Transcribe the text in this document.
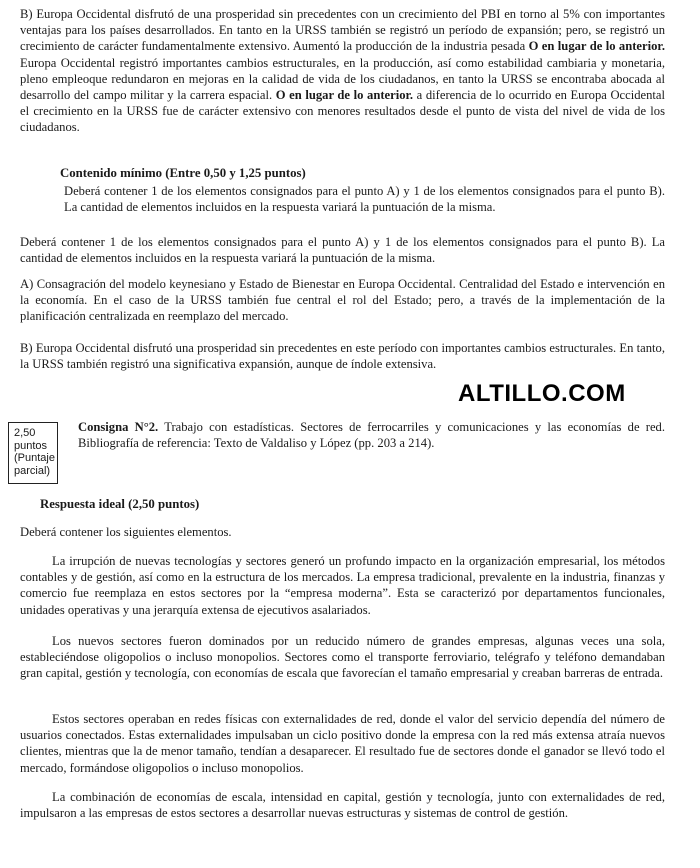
B) Europa Occidental disfrutó de una prosperidad sin precedentes con un crecimiento del PBI en torno al 5% con importantes ventajas para los países desarrollados. En tanto en la URSS también se registró un período de expansión; pero, se registró un crecimiento de carácter fundamentalmente extensivo. Aumentó la producción de la industria pesada O en lugar de lo anterior. Europa Occidental registró importantes cambios estructurales, en la producción, así como estabilidad cambiaria y monetaria, pleno empleoque redundaron en mejoras en la calidad de vida de los ciudadanos, en tanto la URSS se encontraba abocada al desarrollo del campo militar y la carrera espacial. O en lugar de lo anterior. a diferencia de lo ocurrido en Europa Occidental el crecimiento en la URSS fue de carácter extensivo con menores resultados desde el punto de vista del nivel de vida de los ciudadanos.

Contenido mínimo (Entre 0,50 y 1,25 puntos)

Deberá contener 1 de los elementos consignados para el punto A) y 1 de los elementos consignados para el punto B). La cantidad de elementos incluidos en la respuesta variará la puntuación de la misma.

Deberá contener 1 de los elementos consignados para el punto A) y 1 de los elementos consignados para el punto B). La cantidad de elementos incluidos en la respuesta variará la puntuación de la misma.

A) Consagración del modelo keynesiano y Estado de Bienestar en Europa Occidental. Centralidad del Estado e intervención en la economía. En el caso de la URSS también fue central el rol del Estado; pero, a través de la implementación de la planificación centralizada en reemplazo del mercado.

B) Europa Occidental disfrutó una prosperidad sin precedentes en este período con importantes cambios estructurales. En tanto, la URSS también registró una significativa expansión, aunque de índole extensiva.

ALTILLO.COM
2,50
puntos
(Puntaje
parcial)

Consigna N°2. Trabajo con estadísticas. Sectores de ferrocarriles y comunicaciones y las economías de red. Bibliografía de referencia: Texto de Valdaliso y López (pp. 203 a 214).

Respuesta ideal (2,50 puntos)

Deberá contener los siguientes elementos.

La irrupción de nuevas tecnologías y sectores generó un profundo impacto en la organización empresarial, los métodos contables y de gestión, así como en la estructura de los mercados. La empresa tradicional, prevalente en la industria, finanzas y comercio fue reemplaza en estos sectores por la “empresa moderna”. Esta se caracterizó por departamentos funcionales, unidades operativas y una jerarquía extensa de ejecutivos asalariados.

Los nuevos sectores fueron dominados por un reducido número de grandes empresas, algunas veces una sola, estableciéndose oligopolios o incluso monopolios. Sectores como el transporte ferroviario, telégrafo y teléfono demandaban gran capital, gestión y tecnología, con economías de escala que favorecían el tamaño empresarial y creaban barreras de entrada.

Estos sectores operaban en redes físicas con externalidades de red, donde el valor del servicio dependía del número de usuarios conectados. Estas externalidades impulsaban un ciclo positivo donde la empresa con la red más extensa atraía nuevos clientes, mientras que la de menor tamaño, tendían a desaparecer. El resultado fue de sectores donde el ganador se llevó todo el mercado, formándose oligopolios o incluso monopolios.

La combinación de economías de escala, intensidad en capital, gestión y tecnología, junto con externalidades de red, impulsaron a las empresas de estos sectores a desarrollar nuevas estructuras y sistemas de control de gestión.
